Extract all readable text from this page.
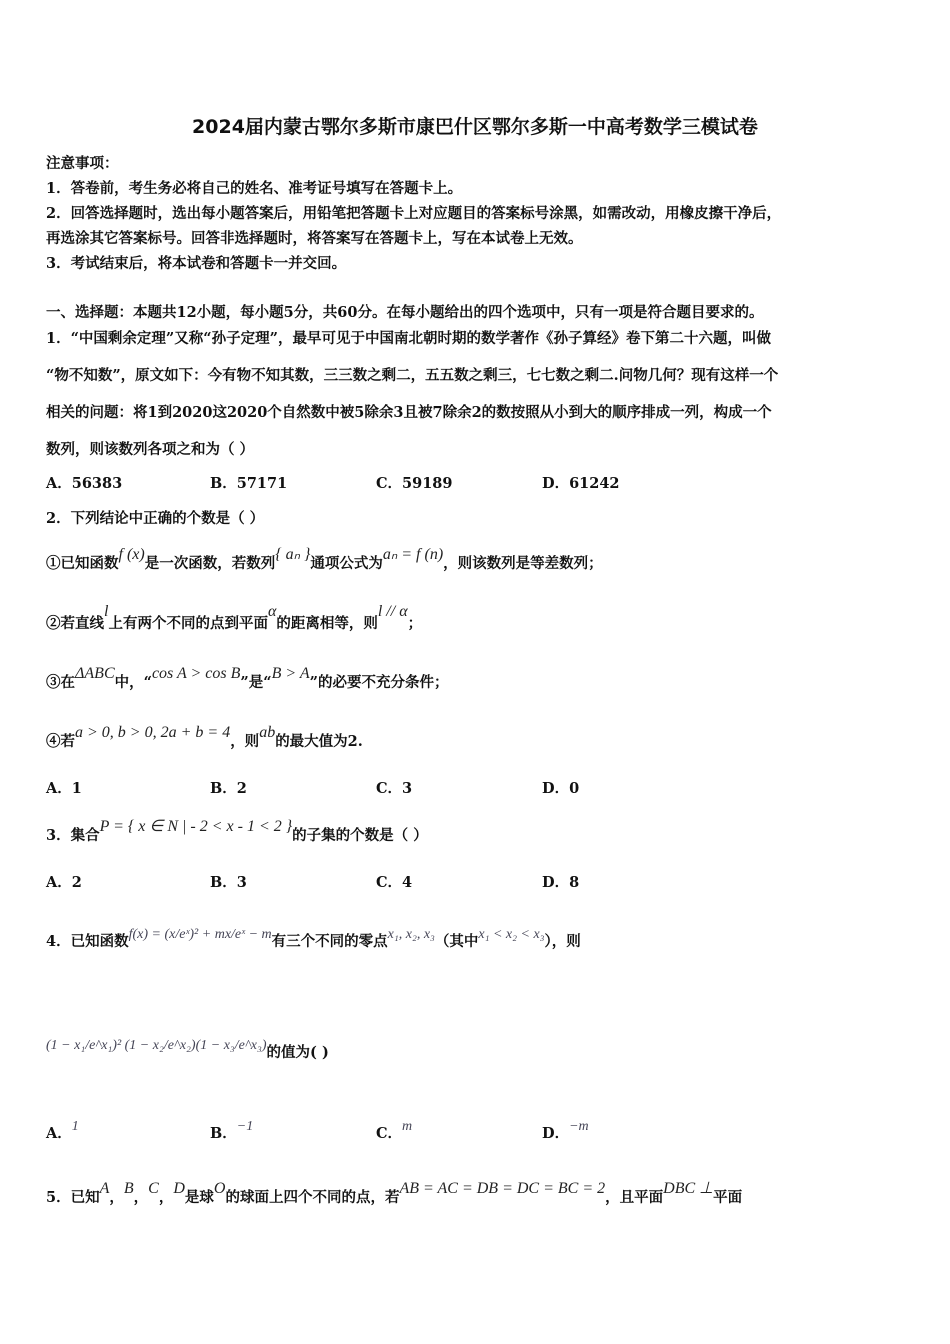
2024届内蒙古鄂尔多斯市康巴什区鄂尔多斯一中高考数学三模试卷
注意事项：
1．答卷前，考生务必将自己的姓名、准考证号填写在答题卡上。
2．回答选择题时，选出每小题答案后，用铅笔把答题卡上对应题目的答案标号涂黑，如需改动，用橡皮擦干净后，
再选涂其它答案标号。回答非选择题时，将答案写在答题卡上，写在本试卷上无效。
3．考试结束后，将本试卷和答题卡一并交回。
一、选择题：本题共12小题，每小题5分，共60分。在每小题给出的四个选项中，只有一项是符合题目要求的。
1．“中国剩余定理”又称“孙子定理”，最早可见于中国南北朝时期的数学著作《孙子算经》卷下第二十六题，叫做
“物不知数”，原文如下：今有物不知其数，三三数之剩二，五五数之剩三，七七数之剩二.问物几何？现有这样一个
相关的问题：将1到2020这2020个自然数中被5除余3且被7除余2的数按照从小到大的顺序排成一列，构成一个
数列，则该数列各项之和为（ ）
A．56383	B．57171	C．59189	D．61242
2．下列结论中正确的个数是（ ）
①已知函数f (x)是一次函数，若数列{ aₙ }通项公式为aₙ = f (n)，则该数列是等差数列；
②若直线l上有两个不同的点到平面α的距离相等，则l // α；
③在ΔABC中，“cos A > cos B”是“B > A”的必要不充分条件；
④若a > 0, b > 0, 2a + b = 4，则ab的最大值为2.
A．1	B．2	C．3	D．0
3．集合P = { x ∈ N | - 2 < x - 1 < 2 }的子集的个数是（ ）
A．2	B．3	C．4	D．8
4．已知函数f(x) = (x/eˣ)² + mx/eˣ − m有三个不同的零点x₁, x₂, x₃（其中x₁ < x₂ < x₃），则
(1 − x₁/e^x₁)² (1 − x₂/e^x₂)(1 − x₃/e^x₃)的值为( )
A．1	B．−1	C．m	D．−m
5．已知A，B，C，D是球O的球面上四个不同的点，若AB = AC = DB = DC = BC = 2，且平面DBC ⊥平面
